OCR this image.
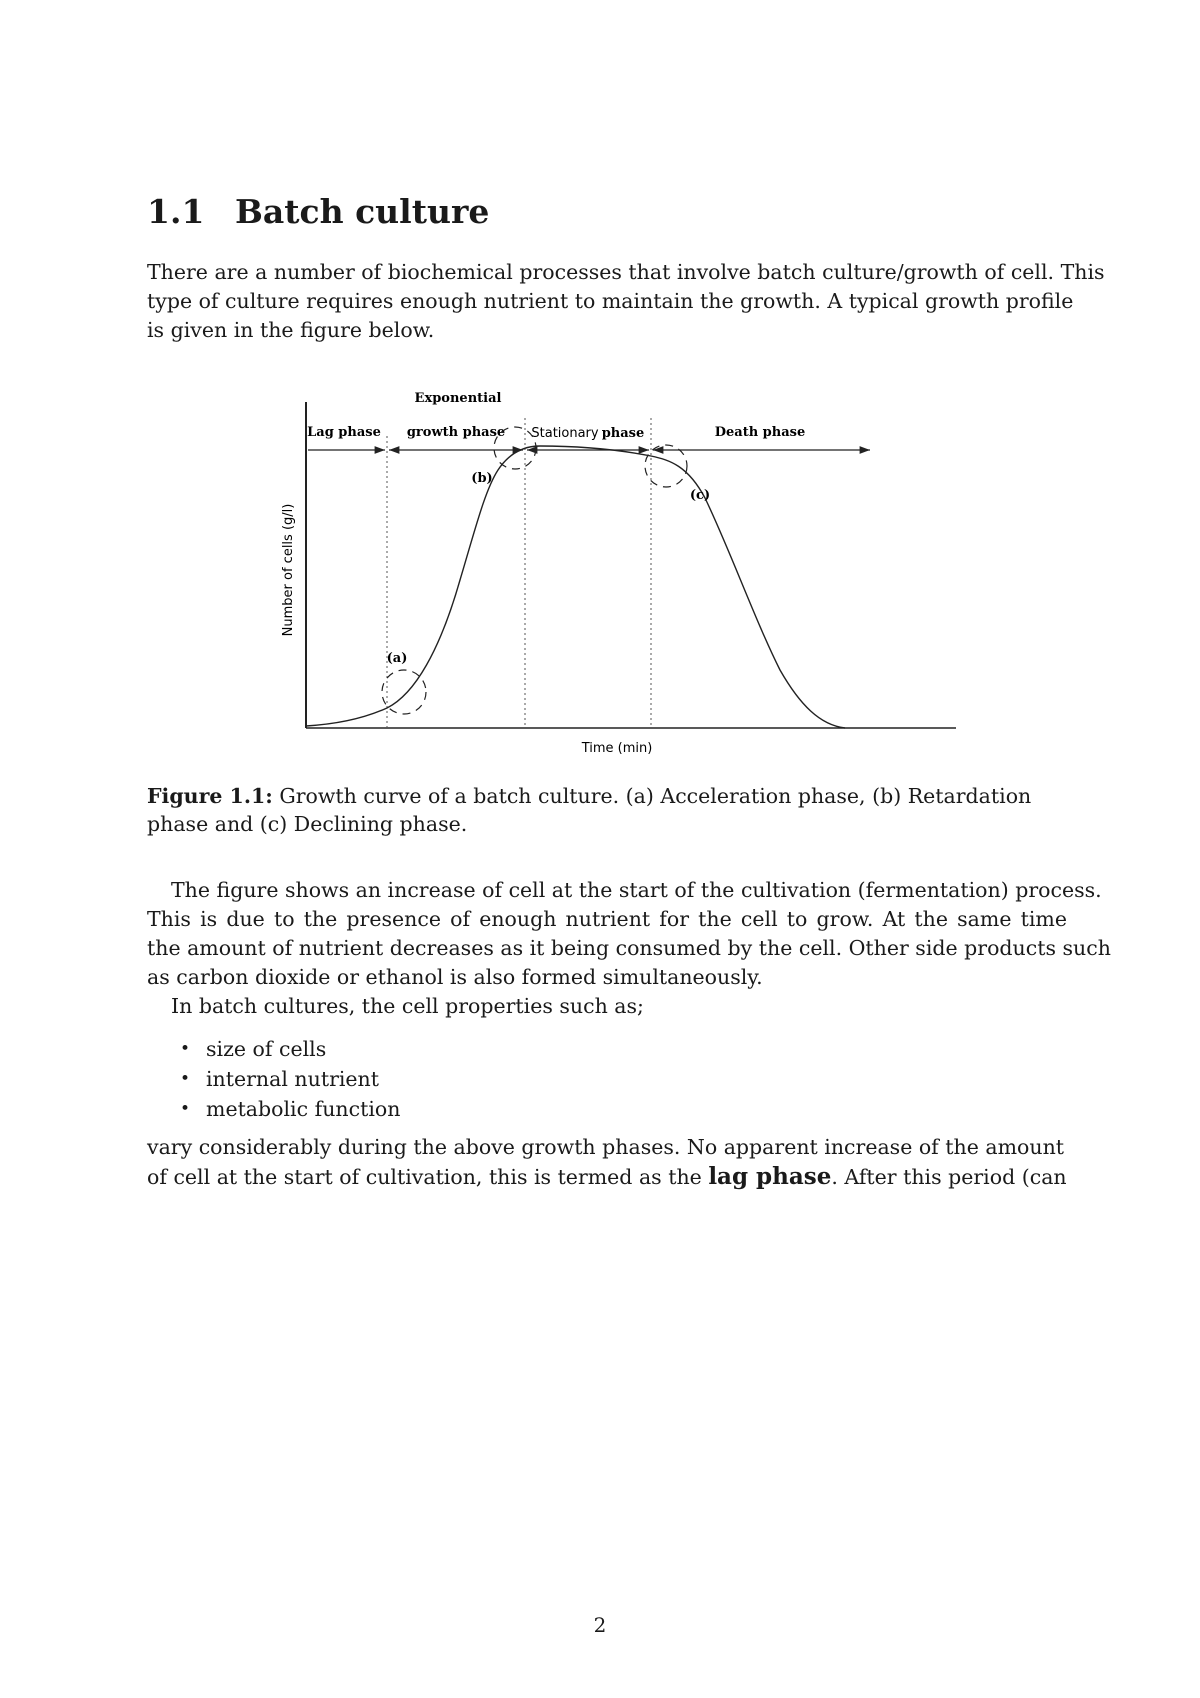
1.1 Batch culture
There are a number of biochemical processes that involve batch culture/growth of cell. This
type of culture requires enough nutrient to maintain the growth. A typical growth profile
is given in the figure below.
Exponential
Lag phase growth phase Stationary phase	Death phase
(a)
(b)
(c)
Number of cells (g/l)
Time (min)
Figure 1.1: Growth curve of a batch culture. (a) Acceleration phase, (b) Retardation
phase and (c) Declining phase.
The figure shows an increase of cell at the start of the cultivation (fermentation) process.
This is due to the presence of enough nutrient for the cell to grow. At the same time
the amount of nutrient decreases as it being consumed by the cell. Other side products such
as carbon dioxide or ethanol is also formed simultaneously.
In batch cultures, the cell properties such as;
• size of cells
• internal nutrient
• metabolic function
vary considerably during the above growth phases. No apparent increase of the amount
of cell at the start of cultivation, this is termed as the lag phase. After this period (can
2
